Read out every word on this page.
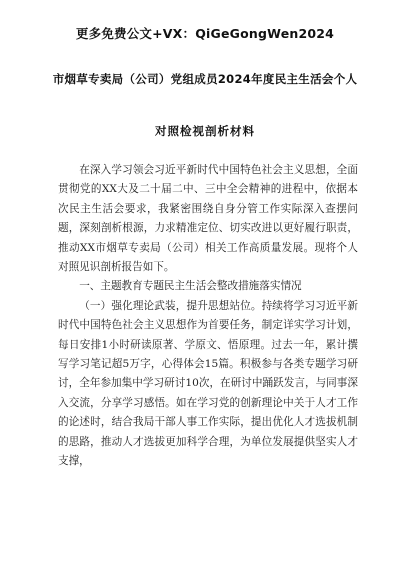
更多免费公文+VX：QiGeGongWen2024
市烟草专卖局（公司）党组成员2024年度民主生活会个人
对照检视剖析材料

在深入学习领会习近平新时代中国特色社会主义思想，全面贯彻党的XX大及二十届二中、三中全会精神的进程中，依据本次民主生活会要求，我紧密围绕自身分管工作实际深入查摆问题，深刻剖析根源，力求精准定位、切实改进以更好履行职责，推动XX市烟草专卖局（公司）相关工作高质量发展。现将个人对照见识剖析报告如下。

一、主题教育专题民主生活会整改措施落实情况

（一）强化理论武装，提升思想站位。持续将学习习近平新时代中国特色社会主义思想作为首要任务，制定详实学习计划，每日安排1小时研读原著、学原文、悟原理。过去一年，累计撰写学习笔记超5万字，心得体会15篇。积极参与各类专题学习研讨，全年参加集中学习研讨10次，在研讨中踊跃发言，与同事深入交流，分享学习感悟。如在学习党的创新理论中关于人才工作的论述时，结合我局干部人事工作实际，提出优化人才选拔机制的思路，推动人才选拔更加科学合理，为单位发展提供坚实人才支撑，
